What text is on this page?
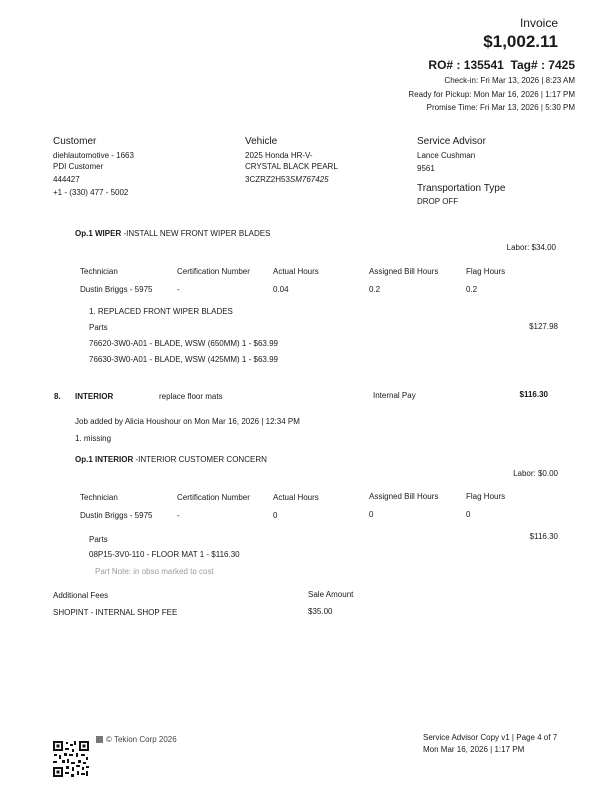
Invoice
$1,002.11
RO# : 135541 Tag# : 7425
Check-in: Fri Mar 13, 2026 | 8:23 AM
Ready for Pickup: Mon Mar 16, 2026 | 1:17 PM
Promise Time: Fri Mar 13, 2026 | 5:30 PM
Customer
diehlautomotive - 1663
PDI Customer
444427
+1 - (330) 477 - 5002
Vehicle
2025 Honda HR-V-
CRYSTAL BLACK PEARL
3CZRZ2H53SM767425
Service Advisor
Lance Cushman
9561
Transportation Type
DROP OFF
Op.1 WIPER -INSTALL NEW FRONT WIPER BLADES
Labor: $34.00
Technician	Certification Number	Actual Hours	Assigned Bill Hours	Flag Hours
Dustin Briggs - 5975	-	0.04	0.2	0.2
1. REPLACED FRONT WIPER BLADES
Parts	$127.98
76620-3W0-A01 - BLADE, WSW (650MM) 1 - $63.99
76630-3W0-A01 - BLADE, WSW (425MM) 1 - $63.99
8. INTERIOR	replace floor mats	Internal Pay	$116.30
Job added by Alicia Houshour on Mon Mar 16, 2026 | 12:34 PM
1. missing
Op.1 INTERIOR -INTERIOR CUSTOMER CONCERN
Labor: $0.00
Technician	Certification Number	Actual Hours	Assigned Bill Hours	Flag Hours
Dustin Briggs - 5975	-	0	0	0
Parts	$116.30
08P15-3V0-110 - FLOOR MAT 1 - $116.30
Part Note: in obso marked to cost
Additional Fees	Sale Amount
SHOPINT - INTERNAL SHOP FEE	$35.00
© Tekion Corp 2026	Service Advisor Copy v1 | Page 4 of 7
Mon Mar 16, 2026 | 1:17 PM
